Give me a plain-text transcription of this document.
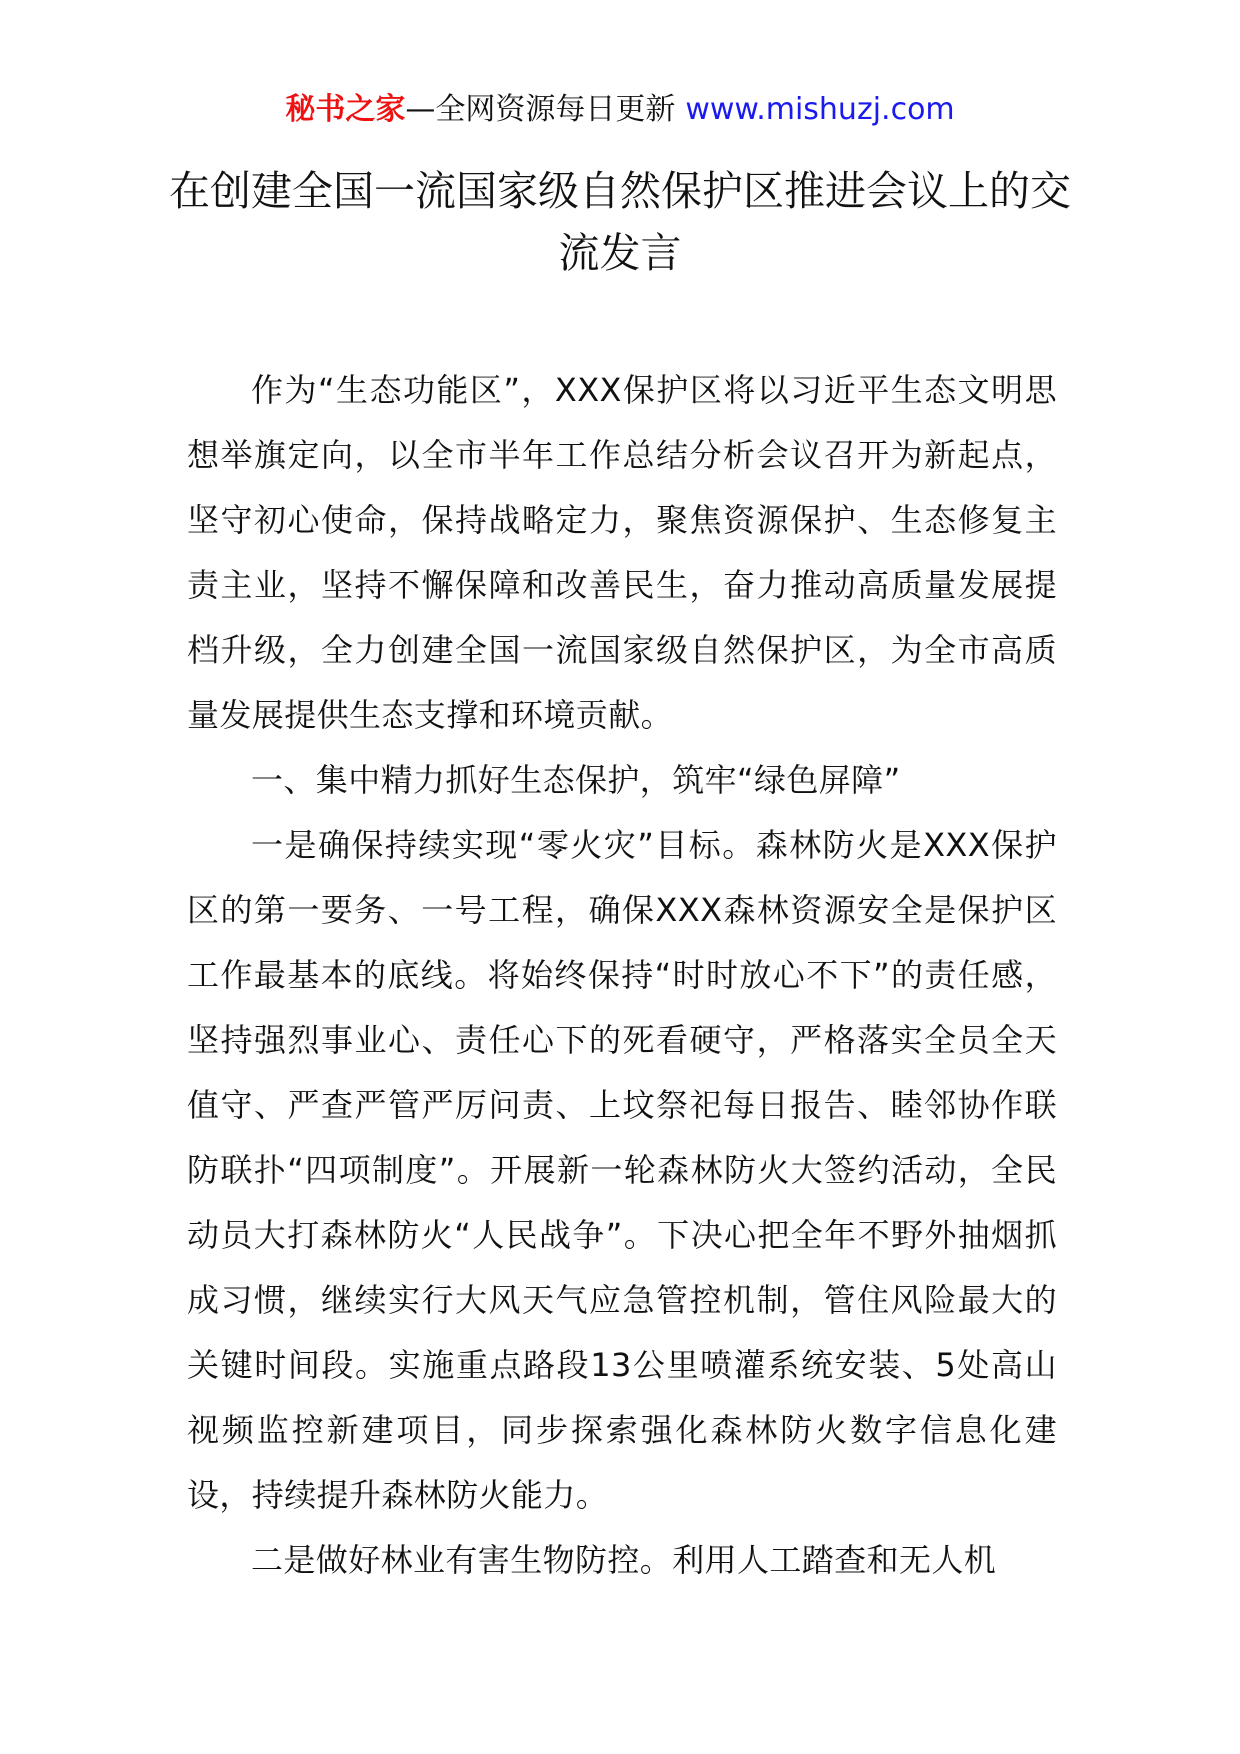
秘书之家—全网资源每日更新 www.mishuzj.com
在创建全国一流国家级自然保护区推进会议上的交流发言

作为“生态功能区”，XXX保护区将以习近平生态文明思想举旗定向，以全市半年工作总结分析会议召开为新起点，坚守初心使命，保持战略定力，聚焦资源保护、生态修复主责主业，坚持不懈保障和改善民生，奋力推动高质量发展提档升级，全力创建全国一流国家级自然保护区，为全市高质量发展提供生态支撑和环境贡献。

一、集中精力抓好生态保护，筑牢“绿色屏障”

一是确保持续实现“零火灾”目标。森林防火是XXX保护区的第一要务、一号工程，确保XXX森林资源安全是保护区工作最基本的底线。将始终保持“时时放心不下”的责任感，坚持强烈事业心、责任心下的死看硬守，严格落实全员全天值守、严查严管严厉问责、上坟祭祀每日报告、睦邻协作联防联扑“四项制度”。开展新一轮森林防火大签约活动，全民动员大打森林防火“人民战争”。下决心把全年不野外抽烟抓成习惯，继续实行大风天气应急管控机制，管住风险最大的关键时间段。实施重点路段13公里喷灌系统安装、5处高山视频监控新建项目，同步探索强化森林防火数字信息化建设，持续提升森林防火能力。

二是做好林业有害生物防控。利用人工踏查和无人机
